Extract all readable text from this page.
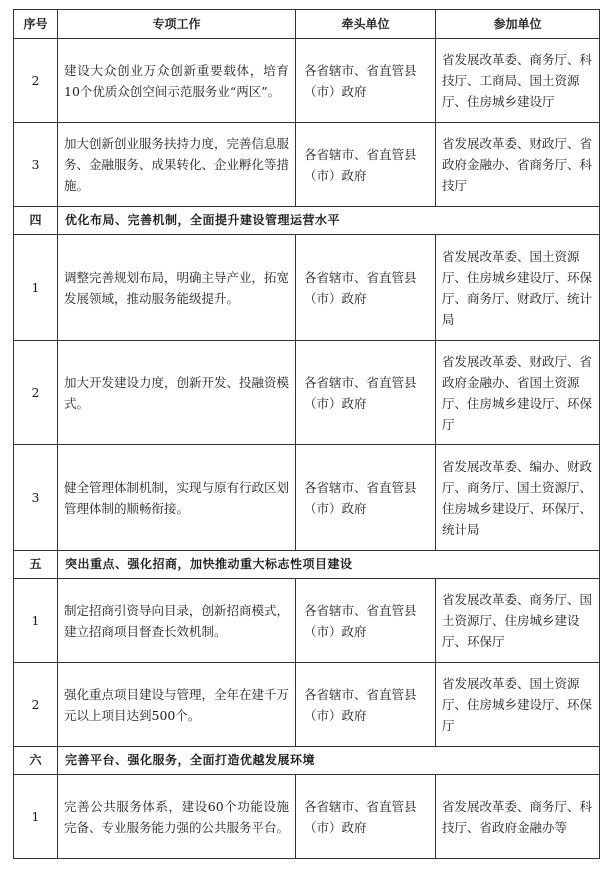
序号	专项工作	牵头单位	参加单位
2	建设大众创业万众创新重要载体，培育10个优质众创空间示范服务业“两区”。	各省辖市、省直管县（市）政府	省发展改革委、商务厅、科技厅、工商局、国土资源厅、住房城乡建设厅
3	加大创新创业服务扶持力度，完善信息服务、金融服务、成果转化、企业孵化等措施。	各省辖市、省直管县（市）政府	省发展改革委、财政厅、省政府金融办、省商务厅、科技厅
四	优化布局、完善机制，全面提升建设管理运营水平		
1	调整完善规划布局，明确主导产业，拓宽发展领域，推动服务能级提升。	各省辖市、省直管县（市）政府	省发展改革委、国土资源厅、住房城乡建设厅、环保厅、商务厅、财政厅、统计局
2	加大开发建设力度，创新开发、投融资模式。	各省辖市、省直管县（市）政府	省发展改革委、财政厅、省政府金融办、省国土资源厅、住房城乡建设厅、环保厅
3	健全管理体制机制，实现与原有行政区划管理体制的顺畅衔接。	各省辖市、省直管县（市）政府	省发展改革委、编办、财政厅、商务厅、国土资源厅、住房城乡建设厅、环保厅、统计局
五	突出重点、强化招商，加快推动重大标志性项目建设		
1	制定招商引资导向目录，创新招商模式，建立招商项目督查长效机制。	各省辖市、省直管县（市）政府	省发展改革委、商务厅、国土资源厅、住房城乡建设厅、环保厅
2	强化重点项目建设与管理，全年在建千万元以上项目达到500个。	各省辖市、省直管县（市）政府	省发展改革委、国土资源厅、住房城乡建设厅、环保厅
六	完善平台、强化服务，全面打造优越发展环境		
1	完善公共服务体系，建设60个功能设施完备、专业服务能力强的公共服务平台。	各省辖市、省直管县（市）政府	省发展改革委、商务厅、科技厅、省政府金融办等
